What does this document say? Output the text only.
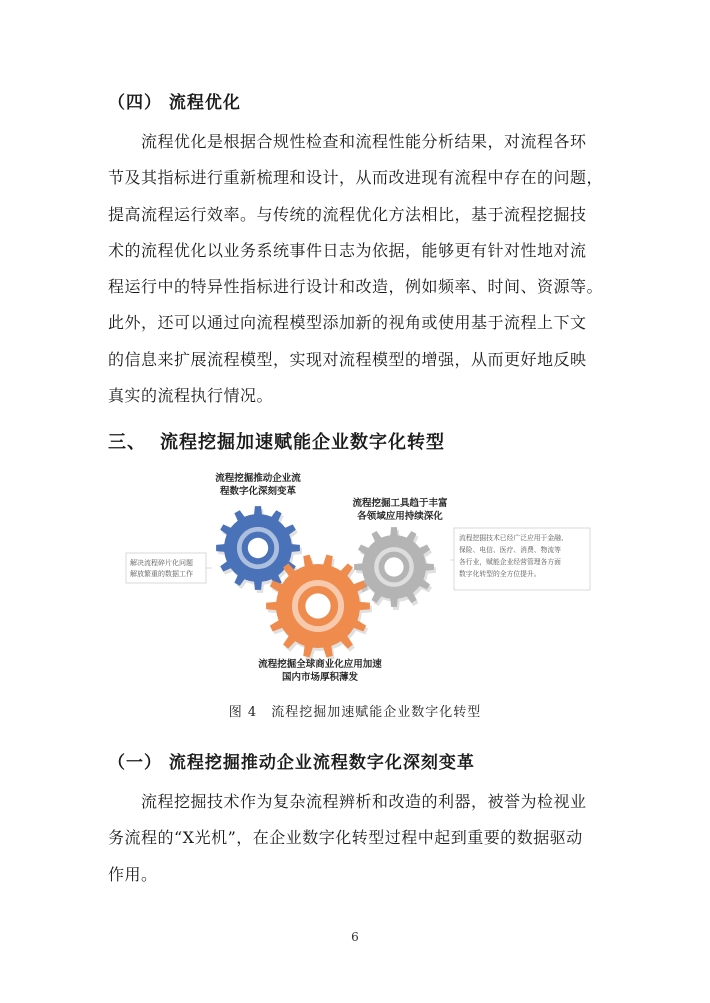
（四） 流程优化
　　流程优化是根据合规性检查和流程性能分析结果，对流程各环
节及其指标进行重新梳理和设计，从而改进现有流程中存在的问题，
提高流程运行效率。与传统的流程优化方法相比，基于流程挖掘技
术的流程优化以业务系统事件日志为依据，能够更有针对性地对流
程运行中的特异性指标进行设计和改造，例如频率、时间、资源等。
此外，还可以通过向流程模型添加新的视角或使用基于流程上下文
的信息来扩展流程模型，实现对流程模型的增强，从而更好地反映
真实的流程执行情况。
三、 流程挖掘加速赋能企业数字化转型
流程挖掘推动企业流
程数字化深刻变革
流程挖掘工具趋于丰富
各领域应用持续深化
流程挖掘全球商业化应用加速
国内市场厚积薄发
解决流程碎片化问题
解放繁重的数据工作
流程挖掘技术已经广泛应用于金融、
保险、电信、医疗、消费、物流等
各行业，赋能企业经营管理各方面
数字化转型的全方位提升。
图 4　流程挖掘加速赋能企业数字化转型
（一） 流程挖掘推动企业流程数字化深刻变革
　　流程挖掘技术作为复杂流程辨析和改造的利器，被誉为检视业
务流程的“X光机”，在企业数字化转型过程中起到重要的数据驱动
作用。
6
